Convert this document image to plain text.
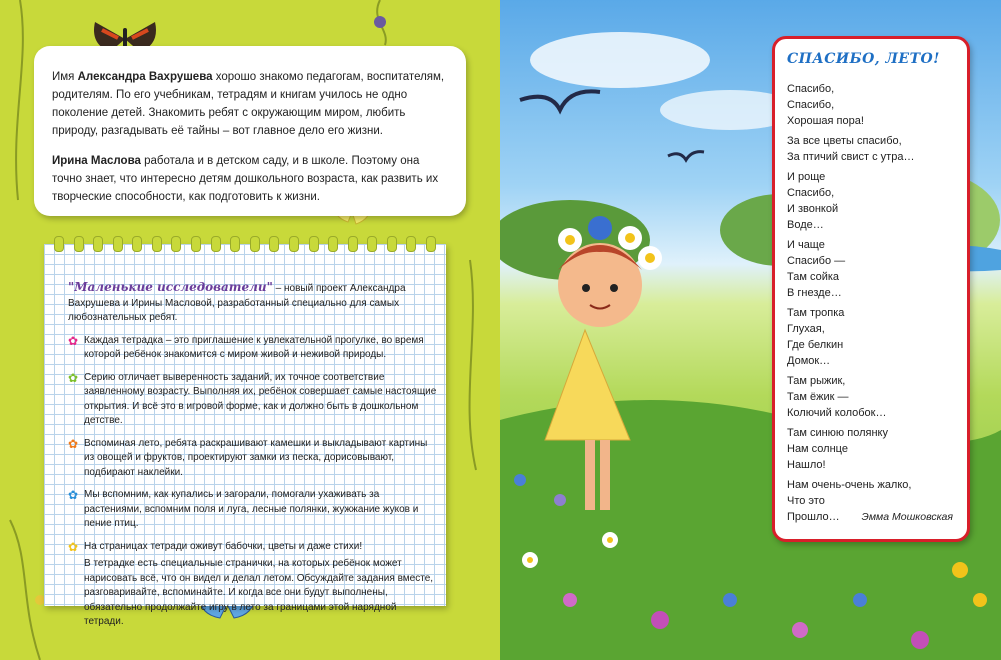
Имя Александра Вахрушева хорошо знакомо педагогам, воспитателям, родителям. По его учебникам, тетрадям и книгам училось не одно поколение детей. Знакомить ребят с окружающим миром, любить природу, разгадывать её тайны – вот главное дело его жизни.

Ирина Маслова работала и в детском саду, и в школе. Поэтому она точно знает, что интересно детям дошкольного возраста, как развить их творческие способности, как подготовить к жизни.

"Маленькие исследователи" – новый проект Александра Вахрушева и Ирины Масловой, разработанный специально для самых любознательных ребят.
✿ Каждая тетрадка – это приглашение к увлекательной прогулке, во время которой ребёнок знакомится с миром живой и неживой природы.
✿ Серию отличает выверенность заданий, их точное соответствие заявленному возрасту. Выполняя их, ребёнок совершает самые настоящие открытия. И всё это в игровой форме, как и должно быть в дошкольном детстве.
✿ Вспоминая лето, ребята раскрашивают камешки и выкладывают картины из овощей и фруктов, проектируют замки из песка, дорисовывают, подбирают наклейки.
✿ Мы вспомним, как купались и загорали, помогали ухаживать за растениями, вспомним поля и луга, лесные полянки, жужжание жуков и пение птиц.
✿ На страницах тетради оживут бабочки, цветы и даже стихи!
В тетрадке есть специальные странички, на которых ребёнок может нарисовать всё, что он видел и делал летом. Обсуждайте задания вместе, разговаривайте, вспоминайте. И когда все они будут выполнены, обязательно продолжайте игру в лето за границами этой нарядной тетради.
СПАСИБО, ЛЕТО!
Спасибо,
Спасибо,
Хорошая пора!
За все цветы спасибо,
За птичий свист с утра…
И роще
Спасибо,
И звонкой
Воде…
И чаще
Спасибо —
Там сойка
В гнезде…
Там тропка
Глухая,
Где белкин
Домок…
Там рыжик,
Там ёжик —
Колючий колобок…
Там синюю полянку
Нам солнце
Нашло!
Нам очень-очень жалко,
Что это
Прошло…	Эмма Мошковская
